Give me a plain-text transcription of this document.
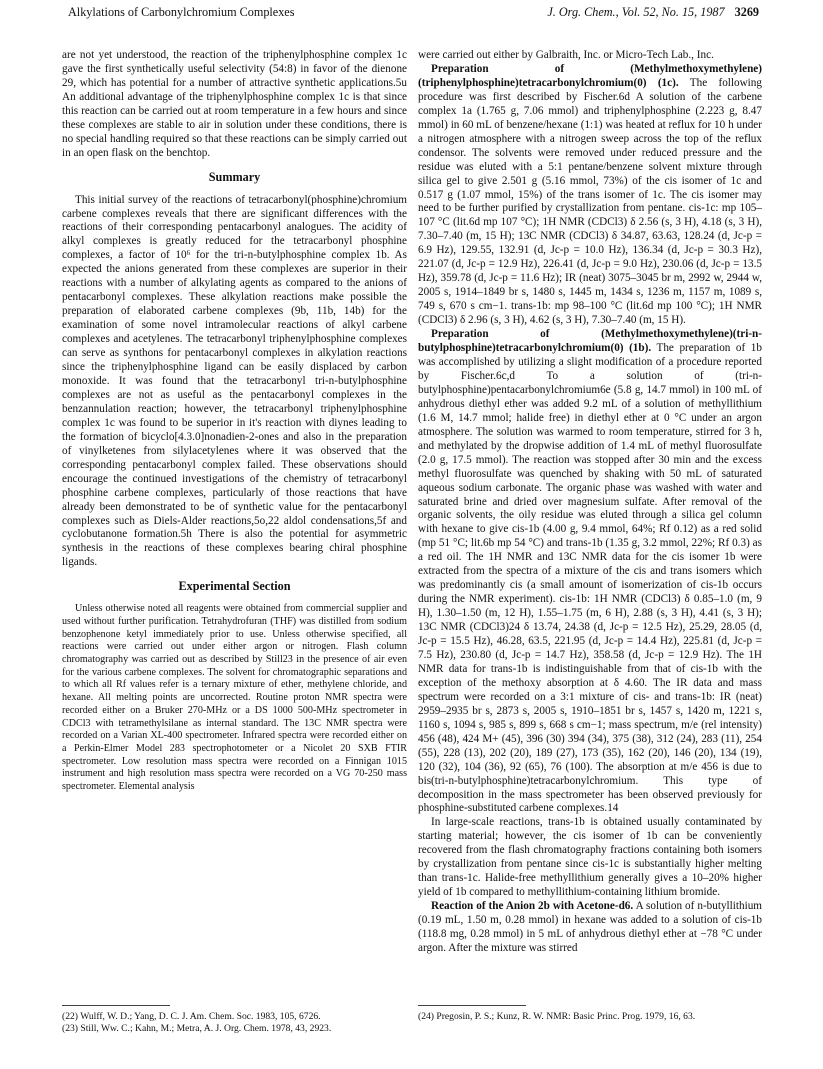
Alkylations of Carbonylchromium Complexes	J. Org. Chem., Vol. 52, No. 15, 1987 3269

are not yet understood, the reaction of the triphenylphosphine complex 1c gave the first synthetically useful selectivity (54:8) in favor of the dienone 29, which has potential for a number of attractive synthetic applications.5u An additional advantage of the triphenylphosphine complex 1c is that since this reaction can be carried out at room temperature in a few hours and since these complexes are stable to air in solution under these conditions, there is no special handling required so that these reactions can be simply carried out in an open flask on the benchtop.

Summary

This initial survey of the reactions of tetracarbonyl(phosphine)chromium carbene complexes reveals that there are significant differences with the reactions of their corresponding pentacarbonyl analogues. The acidity of alkyl complexes is greatly reduced for the tetracarbonyl phosphine complexes, a factor of 10⁶ for the tri-n-butylphosphine complex 1b. As expected the anions generated from these complexes are superior in their reactions with a number of alkylating agents as compared to the anions of pentacarbonyl complexes. These alkylation reactions make possible the preparation of elaborated carbene complexes (9b, 11b, 14b) for the examination of some novel intramolecular reactions of alkyl carbene complexes and acetylenes. The tetracarbonyl triphenylphosphine complexes can serve as synthons for pentacarbonyl complexes in alkylation reactions since the triphenylphosphine ligand can be easily displaced by carbon monoxide. It was found that the tetracarbonyl tri-n-butylphosphine complexes are not as useful as the pentacarbonyl complexes in the benzannulation reaction; however, the tetracarbonyl triphenylphosphine complex 1c was found to be superior in it's reaction with diynes leading to the formation of bicyclo[4.3.0]nonadien-2-ones and also in the preparation of vinylketenes from silylacetylenes where it was observed that the corresponding pentacarbonyl complex failed. These observations should encourage the continued investigations of the chemistry of tetracarbonyl phosphine carbene complexes, particularly of those reactions that have already been demonstrated to be of synthetic value for the pentacarbonyl complexes such as Diels-Alder reactions,5o,22 aldol condensations,5f and cyclobutanone formation.5h There is also the potential for asymmetric synthesis in the reactions of these complexes bearing chiral phosphine ligands.

Experimental Section

Unless otherwise noted all reagents were obtained from commercial supplier and used without further purification. Tetrahydrofuran (THF) was distilled from sodium benzophenone ketyl immediately prior to use. Unless otherwise specified, all reactions were carried out under either argon or nitrogen. Flash column chromatography was carried out as described by Still23 in the presence of air even for the various carbene complexes. The solvent for chromatographic separations and to which all Rf values refer is a ternary mixture of ether, methylene chloride, and hexane. All melting points are uncorrected. Routine proton NMR spectra were recorded either on a Bruker 270-MHz or a DS 1000 500-MHz spectrometer in CDCl3 with tetramethylsilane as internal standard. The 13C NMR spectra were recorded on a Varian XL-400 spectrometer. Infrared spectra were recorded either on a Perkin-Elmer Model 283 spectrophotometer or a Nicolet 20 SXB FTIR spectrometer. Low resolution mass spectra were recorded on a Finnigan 1015 instrument and high resolution mass spectra were recorded on a VG 70-250 mass spectrometer. Elemental analysis

were carried out either by Galbraith, Inc. or Micro-Tech Lab., Inc.

Preparation of (Methylmethoxymethylene)(triphenylphosphine)tetracarbonylchromium(0) (1c). The following procedure was first described by Fischer.6d A solution of the carbene complex 1a (1.765 g, 7.06 mmol) and triphenylphosphine (2.223 g, 8.47 mmol) in 60 mL of benzene/hexane (1:1) was heated at reflux for 10 h under a nitrogen atmosphere with a nitrogen sweep across the top of the reflux condensor. The solvents were removed under reduced pressure and the residue was eluted with a 5:1 pentane/benzene solvent mixture through silica gel to give 2.501 g (5.16 mmol, 73%) of the cis isomer of 1c and 0.517 g (1.07 mmol, 15%) of the trans isomer of 1c. The cis isomer may need to be further purified by crystallization from pentane. cis-1c: mp 105–107 °C (lit.6d mp 107 °C); 1H NMR (CDCl3) δ 2.56 (s, 3 H), 4.18 (s, 3 H), 7.30–7.40 (m, 15 H); 13C NMR (CDCl3) δ 34.87, 63.63, 128.24 (d, Jc-p = 6.9 Hz), 129.55, 132.91 (d, Jc-p = 10.0 Hz), 136.34 (d, Jc-p = 30.3 Hz), 221.07 (d, Jc-p = 12.9 Hz), 226.41 (d, Jc-p = 9.0 Hz), 230.06 (d, Jc-p = 13.5 Hz), 359.78 (d, Jc-p = 11.6 Hz); IR (neat) 3075–3045 br m, 2992 w, 2944 w, 2005 s, 1914–1849 br s, 1480 s, 1445 m, 1434 s, 1236 m, 1157 m, 1089 s, 749 s, 670 s cm−1. trans-1b: mp 98–100 °C (lit.6d mp 100 °C); 1H NMR (CDCl3) δ 2.96 (s, 3 H), 4.62 (s, 3 H), 7.30–7.40 (m, 15 H).

Preparation of (Methylmethoxymethylene)(tri-n-butylphosphine)tetracarbonylchromium(0) (1b). The preparation of 1b was accomplished by utilizing a slight modification of a procedure reported by Fischer.6c,d To a solution of (tri-n-butylphosphine)pentacarbonylchromium6e (5.8 g, 14.7 mmol) in 100 mL of anhydrous diethyl ether was added 9.2 mL of a solution of methyllithium (1.6 M, 14.7 mmol; halide free) in diethyl ether at 0 °C under an argon atmosphere. The solution was warmed to room temperature, stirred for 3 h, and methylated by the dropwise addition of 1.4 mL of methyl fluorosulfate (2.0 g, 17.5 mmol). The reaction was stopped after 30 min and the excess methyl fluorosulfate was quenched by shaking with 50 mL of saturated aqueous sodium carbonate. The organic phase was washed with water and saturated brine and dried over magnesium sulfate. After removal of the organic solvents, the oily residue was eluted through a silica gel column with hexane to give cis-1b (4.00 g, 9.4 mmol, 64%; Rf 0.12) as a red solid (mp 51 °C; lit.6b mp 54 °C) and trans-1b (1.35 g, 3.2 mmol, 22%; Rf 0.3) as a red oil. The 1H NMR and 13C NMR data for the cis isomer 1b were extracted from the spectra of a mixture of the cis and trans isomers which was predominantly cis (a small amount of isomerization of cis-1b occurs during the NMR experiment). cis-1b: 1H NMR (CDCl3) δ 0.85–1.0 (m, 9 H), 1.30–1.50 (m, 12 H), 1.55–1.75 (m, 6 H), 2.88 (s, 3 H), 4.41 (s, 3 H); 13C NMR (CDCl3)24 δ 13.74, 24.38 (d, Jc-p = 12.5 Hz), 25.29, 28.05 (d, Jc-p = 15.5 Hz), 46.28, 63.5, 221.95 (d, Jc-p = 14.4 Hz), 225.81 (d, Jc-p = 7.5 Hz), 230.80 (d, Jc-p = 14.7 Hz), 358.58 (d, Jc-p = 12.9 Hz). The 1H NMR data for trans-1b is indistinguishable from that of cis-1b with the exception of the methoxy absorption at δ 4.60. The IR data and mass spectrum were recorded on a 3:1 mixture of cis- and trans-1b: IR (neat) 2959–2935 br s, 2873 s, 2005 s, 1910–1851 br s, 1457 s, 1420 m, 1221 s, 1160 s, 1094 s, 985 s, 899 s, 668 s cm−1; mass spectrum, m/e (rel intensity) 456 (48), 424 M+ (45), 396 (30) 394 (34), 375 (38), 312 (24), 283 (11), 254 (55), 228 (13), 202 (20), 189 (27), 173 (35), 162 (20), 146 (20), 134 (19), 120 (32), 104 (36), 92 (65), 76 (100). The absorption at m/e 456 is due to bis(tri-n-butylphosphine)tetracarbonylchromium. This type of decomposition in the mass spectrometer has been observed previously for phosphine-substituted carbene complexes.14

In large-scale reactions, trans-1b is obtained usually contaminated by starting material; however, the cis isomer of 1b can be conveniently recovered from the flash chromatography fractions containing both isomers by crystallization from pentane since cis-1c is substantially higher melting than trans-1c. Halide-free methyllithium generally gives a 10–20% higher yield of 1b compared to methyllithium-containing lithium bromide.

Reaction of the Anion 2b with Acetone-d6. A solution of n-butyllithium (0.19 mL, 1.50 m, 0.28 mmol) in hexane was added to a solution of cis-1b (118.8 mg, 0.28 mmol) in 5 mL of anhydrous diethyl ether at −78 °C under argon. After the mixture was stirred

(22) Wulff, W. D.; Yang, D. C. J. Am. Chem. Soc. 1983, 105, 6726.

(23) Still, Ww. C.; Kahn, M.; Metra, A. J. Org. Chem. 1978, 43, 2923.

(24) Pregosin, P. S.; Kunz, R. W. NMR: Basic Princ. Prog. 1979, 16, 63.
